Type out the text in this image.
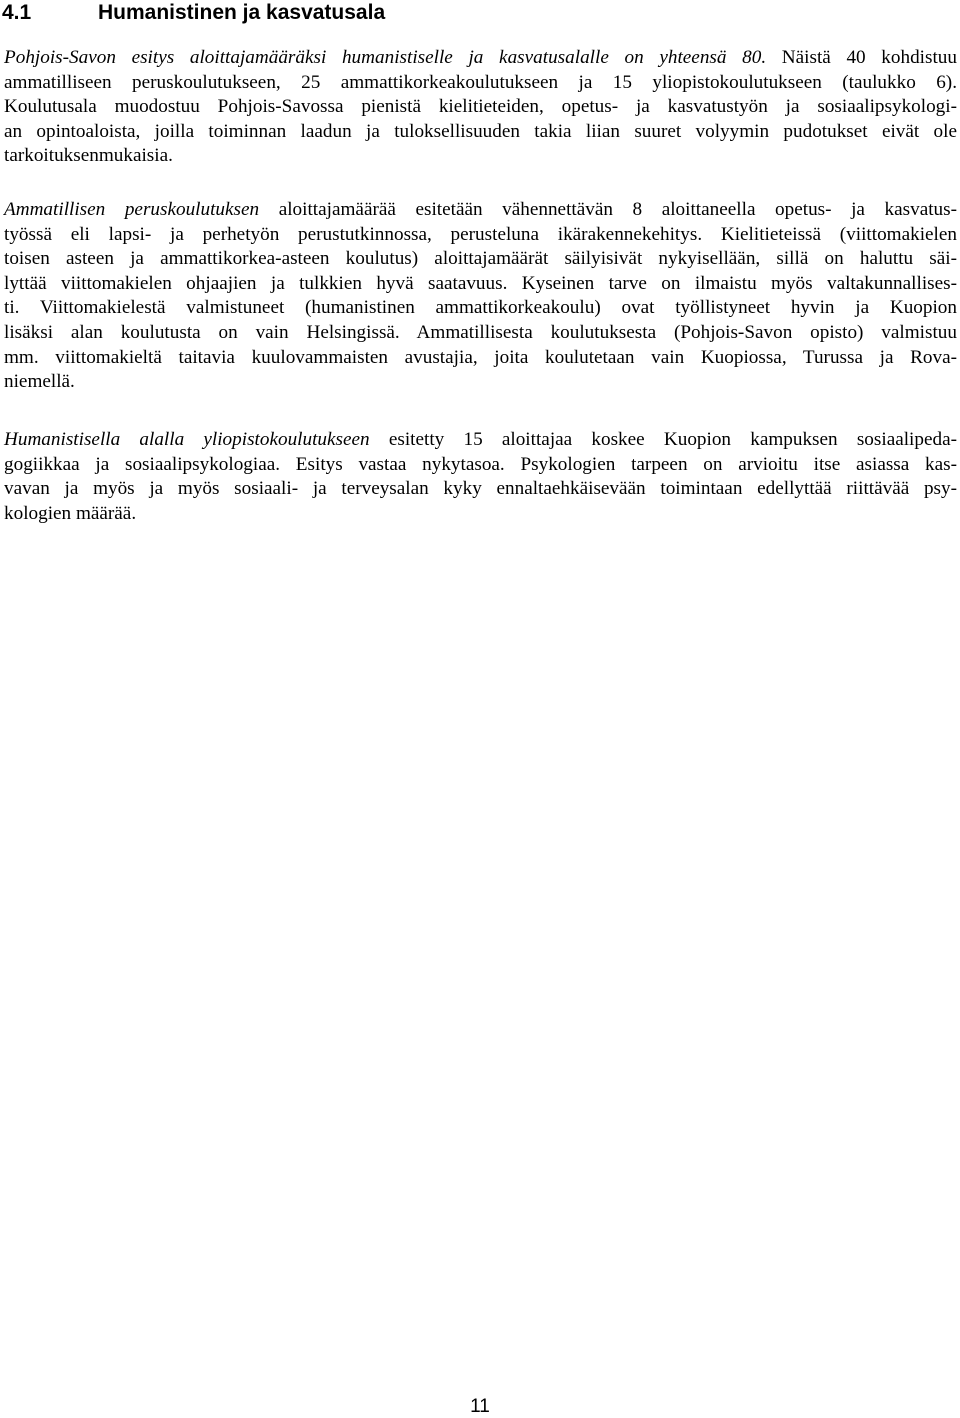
4.1	Humanistinen ja kasvatusala
Pohjois-Savon esitys aloittajamääräksi humanistiselle ja kasvatusalalle on yhteensä 80. Näistä 40 kohdistuu
ammatilliseen peruskoulutukseen, 25 ammattikorkeakoulutukseen ja 15 yliopistokoulutukseen (taulukko 6).
Koulutusala muodostuu Pohjois-Savossa pienistä kielitieteiden, opetus- ja kasvatustyön ja sosiaalipsykologi-
an opintoaloista, joilla toiminnan laadun ja tuloksellisuuden takia liian suuret volyymin pudotukset eivät ole
tarkoituksenmukaisia.
Ammatillisen peruskoulutuksen aloittajamäärää esitetään vähennettävän 8 aloittaneella opetus- ja kasvatus-
työssä eli lapsi- ja perhetyön perustutkinnossa, perusteluna ikärakennekehitys. Kielitieteissä (viittomakielen
toisen asteen ja ammattikorkea-asteen koulutus) aloittajamäärät säilyisivät nykyisellään, sillä on haluttu säi-
lyttää viittomakielen ohjaajien ja tulkkien hyvä saatavuus. Kyseinen tarve on ilmaistu myös valtakunnallises-
ti. Viittomakielestä valmistuneet (humanistinen ammattikorkeakoulu) ovat työllistyneet hyvin ja Kuopion
lisäksi alan koulutusta on vain Helsingissä. Ammatillisesta koulutuksesta (Pohjois-Savon opisto) valmistuu
mm. viittomakieltä taitavia kuulovammaisten avustajia, joita koulutetaan vain Kuopiossa, Turussa ja Rova-
niemellä.
Humanistisella alalla yliopistokoulutukseen esitetty 15 aloittajaa koskee Kuopion kampuksen sosiaalipeda-
gogiikkaa ja sosiaalipsykologiaa. Esitys vastaa nykytasoa. Psykologien tarpeen on arvioitu itse asiassa kas-
vavan ja myös ja myös sosiaali- ja terveysalan kyky ennaltaehkäisevään toimintaan edellyttää riittävää psy-
kologien määrää.
11
